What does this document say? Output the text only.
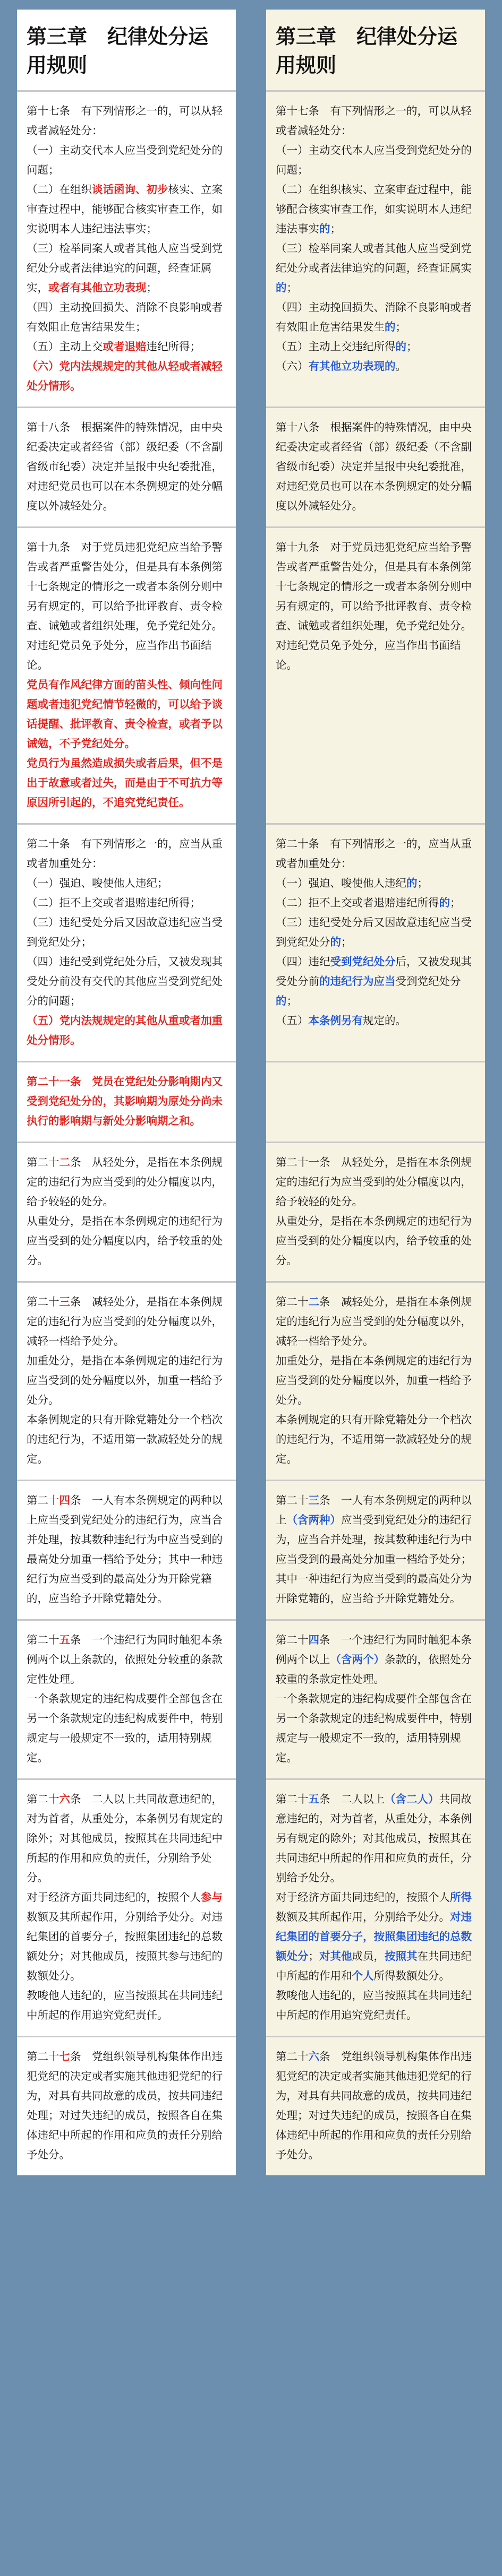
第三章　纪律处分运用规则
第三章　纪律处分运用规则

第十七条　有下列情形之一的，可以从轻或者减轻处分：

（一）主动交代本人应当受到党纪处分的问题；

（二）在组织谈话函询、初步核实、立案审查过程中，能够配合核实审查工作，如实说明本人违纪违法事实；

（三）检举同案人或者其他人应当受到党纪处分或者法律追究的问题，经查证属实，或者有其他立功表现；

（四）主动挽回损失、消除不良影响或者有效阻止危害结果发生；

（五）主动上交或者退赔违纪所得；

（六）党内法规规定的其他从轻或者减轻处分情形。

第十七条　有下列情形之一的，可以从轻或者减轻处分：

（一）主动交代本人应当受到党纪处分的问题；

（二）在组织核实、立案审查过程中，能够配合核实审查工作，如实说明本人违纪违法事实的；

（三）检举同案人或者其他人应当受到党纪处分或者法律追究的问题，经查证属实的；

（四）主动挽回损失、消除不良影响或者有效阻止危害结果发生的；

（五）主动上交违纪所得的；

（六）有其他立功表现的。

第十八条　根据案件的特殊情况，由中央纪委决定或者经省（部）级纪委（不含副省级市纪委）决定并呈报中央纪委批准，对违纪党员也可以在本条例规定的处分幅度以外减轻处分。

第十八条　根据案件的特殊情况，由中央纪委决定或者经省（部）级纪委（不含副省级市纪委）决定并呈报中央纪委批准，对违纪党员也可以在本条例规定的处分幅度以外减轻处分。

第十九条　对于党员违犯党纪应当给予警告或者严重警告处分，但是具有本条例第十七条规定的情形之一或者本条例分则中另有规定的，可以给予批评教育、责令检查、诫勉或者组织处理，免予党纪处分。对违纪党员免予处分，应当作出书面结论。

党员有作风纪律方面的苗头性、倾向性问题或者违犯党纪情节轻微的，可以给予谈话提醒、批评教育、责令检查，或者予以诫勉，不予党纪处分。

党员行为虽然造成损失或者后果，但不是出于故意或者过失，而是由于不可抗力等原因所引起的，不追究党纪责任。

第十九条　对于党员违犯党纪应当给予警告或者严重警告处分，但是具有本条例第十七条规定的情形之一或者本条例分则中另有规定的，可以给予批评教育、责令检查、诫勉或者组织处理，免予党纪处分。对违纪党员免予处分，应当作出书面结论。

第二十条　有下列情形之一的，应当从重或者加重处分：

（一）强迫、唆使他人违纪；

（二）拒不上交或者退赔违纪所得；

（三）违纪受处分后又因故意违纪应当受到党纪处分；

（四）违纪受到党纪处分后，又被发现其受处分前没有交代的其他应当受到党纪处分的问题；

（五）党内法规规定的其他从重或者加重处分情形。

第二十条　有下列情形之一的，应当从重或者加重处分：

（一）强迫、唆使他人违纪的；

（二）拒不上交或者退赔违纪所得的；

（三）违纪受处分后又因故意违纪应当受到党纪处分的；

（四）违纪受到党纪处分后，又被发现其受处分前的违纪行为应当受到党纪处分的；

（五）本条例另有规定的。

第二十一条　党员在党纪处分影响期内又受到党纪处分的，其影响期为原处分尚未执行的影响期与新处分影响期之和。

第二十二条　从轻处分，是指在本条例规定的违纪行为应当受到的处分幅度以内，给予较轻的处分。

从重处分，是指在本条例规定的违纪行为应当受到的处分幅度以内，给予较重的处分。

第二十一条　从轻处分，是指在本条例规定的违纪行为应当受到的处分幅度以内，给予较轻的处分。

从重处分，是指在本条例规定的违纪行为应当受到的处分幅度以内，给予较重的处分。

第二十三条　减轻处分，是指在本条例规定的违纪行为应当受到的处分幅度以外，减轻一档给予处分。

加重处分，是指在本条例规定的违纪行为应当受到的处分幅度以外，加重一档给予处分。

本条例规定的只有开除党籍处分一个档次的违纪行为，不适用第一款减轻处分的规定。

第二十二条　减轻处分，是指在本条例规定的违纪行为应当受到的处分幅度以外，减轻一档给予处分。

加重处分，是指在本条例规定的违纪行为应当受到的处分幅度以外，加重一档给予处分。

本条例规定的只有开除党籍处分一个档次的违纪行为，不适用第一款减轻处分的规定。

第二十四条　一人有本条例规定的两种以上应当受到党纪处分的违纪行为，应当合并处理，按其数种违纪行为中应当受到的最高处分加重一档给予处分；其中一种违纪行为应当受到的最高处分为开除党籍的，应当给予开除党籍处分。

第二十三条　一人有本条例规定的两种以上（含两种）应当受到党纪处分的违纪行为，应当合并处理，按其数种违纪行为中应当受到的最高处分加重一档给予处分；其中一种违纪行为应当受到的最高处分为开除党籍的，应当给予开除党籍处分。

第二十五条　一个违纪行为同时触犯本条例两个以上条款的，依照处分较重的条款定性处理。

一个条款规定的违纪构成要件全部包含在另一个条款规定的违纪构成要件中，特别规定与一般规定不一致的，适用特别规定。

第二十四条　一个违纪行为同时触犯本条例两个以上（含两个）条款的，依照处分较重的条款定性处理。

一个条款规定的违纪构成要件全部包含在另一个条款规定的违纪构成要件中，特别规定与一般规定不一致的，适用特别规定。

第二十六条　二人以上共同故意违纪的，对为首者，从重处分，本条例另有规定的除外；对其他成员，按照其在共同违纪中所起的作用和应负的责任，分别给予处分。

对于经济方面共同违纪的，按照个人参与数额及其所起作用，分别给予处分。对违纪集团的首要分子，按照集团违纪的总数额处分；对其他成员，按照其参与违纪的数额处分。

教唆他人违纪的，应当按照其在共同违纪中所起的作用追究党纪责任。

第二十五条　二人以上（含二人）共同故意违纪的，对为首者，从重处分，本条例另有规定的除外；对其他成员，按照其在共同违纪中所起的作用和应负的责任，分别给予处分。

对于经济方面共同违纪的，按照个人所得数额及其所起作用，分别给予处分。对违纪集团的首要分子，按照集团违纪的总数额处分；对其他成员，按照其在共同违纪中所起的作用和个人所得数额处分。

教唆他人违纪的，应当按照其在共同违纪中所起的作用追究党纪责任。

第二十七条　党组织领导机构集体作出违犯党纪的决定或者实施其他违犯党纪的行为，对具有共同故意的成员，按共同违纪处理；对过失违纪的成员，按照各自在集体违纪中所起的作用和应负的责任分别给予处分。

第二十六条　党组织领导机构集体作出违犯党纪的决定或者实施其他违犯党纪的行为，对具有共同故意的成员，按共同违纪处理；对过失违纪的成员，按照各自在集体违纪中所起的作用和应负的责任分别给予处分。
